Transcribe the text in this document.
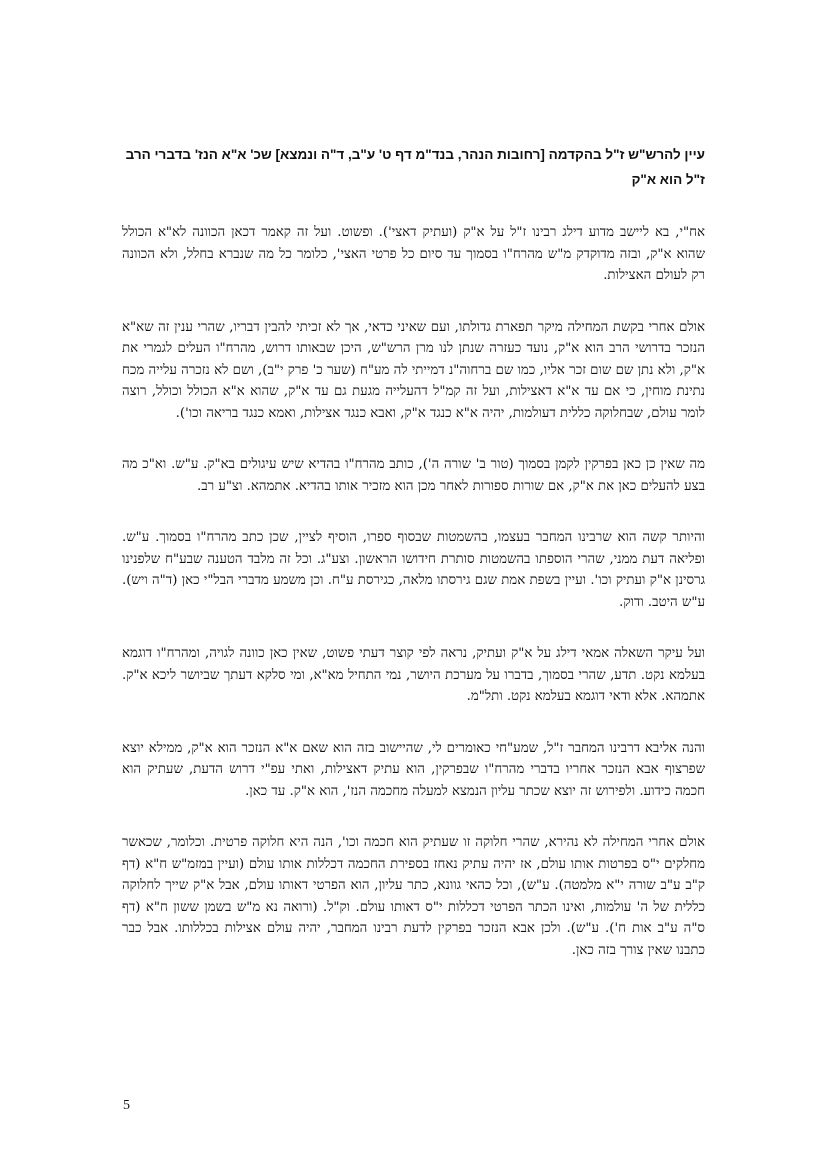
עיין להרש"ש ז"ל בהקדמה [רחובות הנהר, בנד"מ דף ט' ע"ב, ד"ה ונמצא] שכ' א"א הנז' בדברי הרב ז"ל הוא א"ק

אח"י, בא ליישב מדוע דילג רבינו ז"ל על א"ק (ועתיק דאצי'). ופשוט. ועל זה קאמר דכאן הכוונה לא"א הכולל שהוא א"ק, ובזה מדוקדק מ"ש מהרח"ו בסמוך עד סיום כל פרטי האצי', כלומר כל מה שנברא בחלל, ולא הכוונה רק לעולם האצילות.

אולם אחרי בקשת המחילה מיקר תפארת גדולתו, ועם שאיני כדאי, אך לא זכיתי להבין דבריו, שהרי ענין זה שא"א הנזכר בדרושי הרב הוא א"ק, נועד כעזרה שנתן לנו מרן הרש"ש, היכן שבאותו דרוש, מהרח"ו העלים לגמרי את א"ק, ולא נתן שם שום זכר אליו, כמו שם ברחוה"נ דמייתי לה מע"ח (שער כ' פרק י"ב), ושם לא נזכרה עלייה מכח נתינת מוחין, כי אם עד א"א דאצילות, ועל זה קמ"ל דהעלייה מגעת גם עד א"ק, שהוא א"א הכולל וכולל, רוצה לומר עולם, שבחלוקה כללית דעולמות, יהיה א"א כנגד א"ק, ואבא כנגד אצילות, ואמא כנגד בריאה וכו').

מה שאין כן כאן בפרקין לקמן בסמוך (טור ב' שורה ה'), כותב מהרח"ו בהדיא שיש עיגולים בא"ק. ע"ש. וא"כ מה בצע להעלים כאן את א"ק, אם שורות ספורות לאחר מכן הוא מזכיר אותו בהדיא. אתמהא. וצ"ע רב.

והיותר קשה הוא שרבינו המחבר בעצמו, בהשמטות שבסוף ספרו, הוסיף לציין, שכן כתב מהרח"ו בסמוך. ע"ש. ופליאה דעת ממני, שהרי הוספתו בהשמטות סותרת חידושו הראשון. וצע"ג. וכל זה מלבד הטענה שבע"ח שלפנינו גרסינן א"ק ועתיק וכו'. ועיין בשפת אמת שגם גירסתו מלאה, כגירסת ע"ח. וכן משמע מדברי הבל"י כאן (ד"ה ויש). ע"ש היטב. ודוק.

ועל עיקר השאלה אמאי דילג על א"ק ועתיק, נראה לפי קוצר דעתי פשוט, שאין כאן כוונה לגויה, ומהרח"ו דוגמא בעלמא נקט. תדע, שהרי בסמוך, בדברו על מערכת היושר, נמי התחיל מא"א, ומי סלקא דעתך שביושר ליכא א"ק. אתמהא. אלא ודאי דוגמא בעלמא נקט. ותל"מ.

והנה אליבא דרבינו המחבר ז"ל, שמע"חי כאומרים לי, שהיישוב בזה הוא שאם א"א הנזכר הוא א"ק, ממילא יוצא שפרצוף אבא הנזכר אחריו בדברי מהרח"ו שבפרקין, הוא עתיק דאצילות, ואתי עפ"י דרוש הדעת, שעתיק הוא חכמה כידוע. ולפירוש זה יוצא שכתר עליון הנמצא למעלה מחכמה הנז', הוא א"ק. עד כאן.

אולם אחרי המחילה לא נהירא, שהרי חלוקה זו שעתיק הוא חכמה וכו', הנה היא חלוקה פרטית. וכלומר, שכאשר מחלקים י"ס בפרטות אותו עולם, אז יהיה עתיק נאחז בספירת החכמה דכללות אותו עולם (ועיין במזמ"ש ח"א (דף ק"ב ע"ב שורה י"א מלמטה). ע"ש), וכל כהאי גוונא, כתר עליון, הוא הפרטי דאותו עולם, אבל א"ק שייך לחלוקה כללית של ה' עולמות, ואינו הכתר הפרטי דכללות י"ס דאותו עולם. וק"ל. (ורואה נא מ"ש בשמן ששון ח"א (דף ס"ה ע"ב אות ח'). ע"ש). ולכן אבא הנזכר בפרקין לדעת רבינו המחבר, יהיה עולם אצילות בכללותו. אבל כבר כתבנו שאין צורך בזה כאן.

5
